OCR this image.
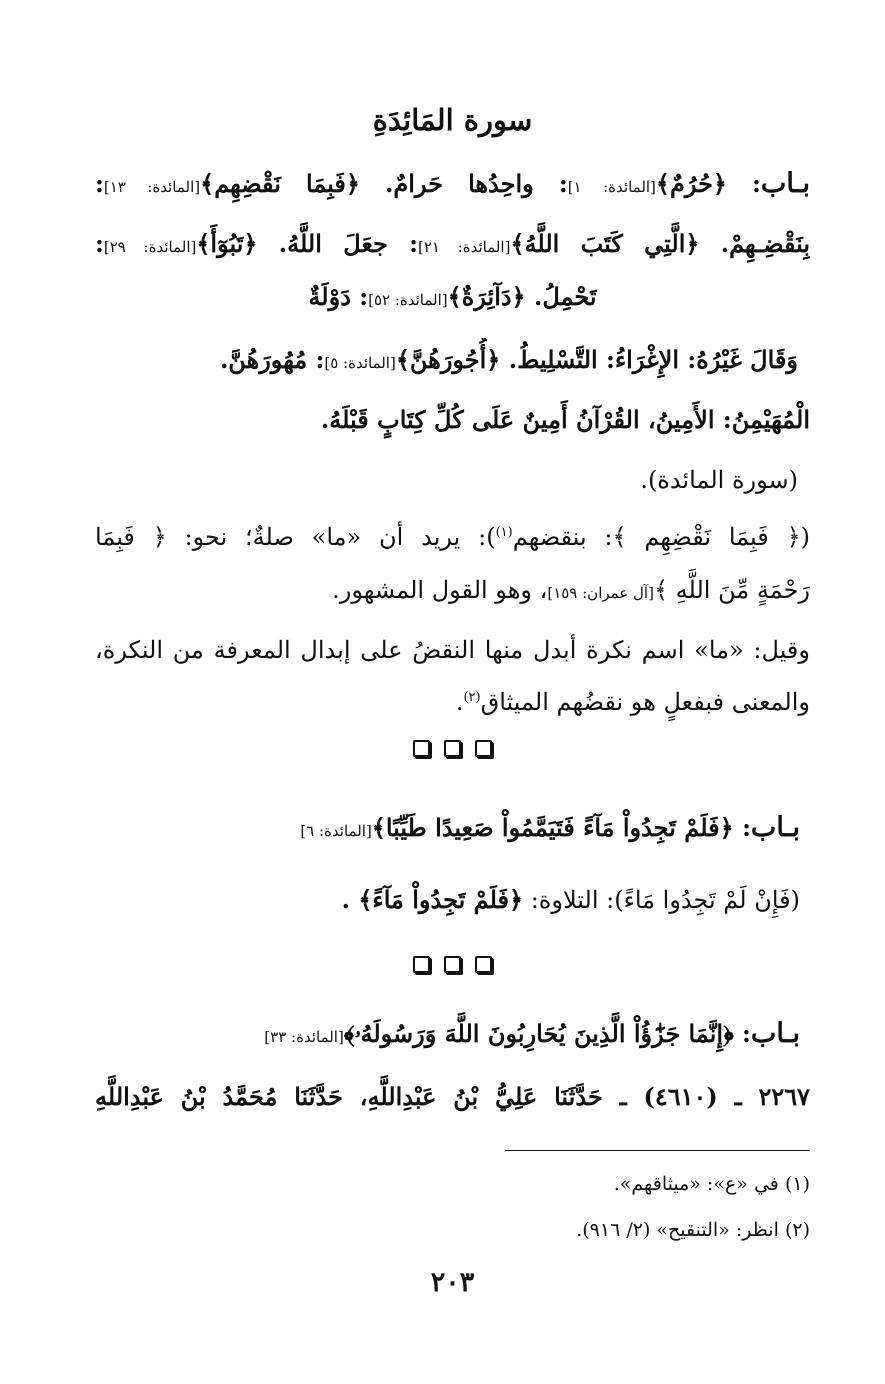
سورة المَائِدَةِ
بـاب: ﴿حُرُمٌ﴾[المائدة: ١]: واحِدُها حَرامٌ. ﴿فَبِمَا نَقْضِهِم﴾[المائدة: ١٣]:
بِنَقْضِـهِمْ. ﴿الَّتِي كَتَبَ اللَّهُ﴾[المائدة: ٢١]: جعَلَ اللَّهُ. ﴿تَبُوٓأَ﴾[المائدة: ٢٩]:
تَحْمِلُ. ﴿دَآئِرَةٌ﴾[المائدة: ٥٢]: دَوْلَةٌ
وَقَالَ غَيْرُهُ: الإِغْرَاءُ: التَّسْلِيطُ. ﴿أُجُورَهُنَّ﴾[المائدة: ٥]: مُهُورَهُنَّ.
الْمُهَيْمِنُ: الأَمِينُ، القُرْآنُ أَمِينٌ عَلَى كُلِّ كِتَابٍ قَبْلَهُ.
(سورة المائدة).
(﴿ فَبِمَا نَقْضِهِم ﴾: بنقضهم$^{(١)}$): يريد أن «ما» صلةٌ؛ نحو: ﴿ فَبِمَا
رَحْمَةٍ مِّنَ اللَّهِ ﴾[آل عمران: ١٥٩]، وهو القول المشهور.
وقيل: «ما» اسم نكرة أبدل منها النقضُ على إبدال المعرفة من النكرة،
والمعنى فبفعلٍ هو نقضُهم الميثاق$^{(٢)}$.
بـاب: ﴿فَلَمْ تَجِدُواْ مَآءً فَتَيَمَّمُواْ صَعِيدًا طَيِّبًا﴾[المائدة: ٦]
(فَإِنْ لَمْ تَجِدُوا مَاءً): التلاوة: ﴿فَلَمْ تَجِدُواْ مَآءً﴾ .
بـاب: ﴿إِنَّمَا جَزَٰٓؤُاْ الَّذِينَ يُحَارِبُونَ اللَّهَ وَرَسُولَهُۥ﴾[المائدة: ٣٣]
٢٢٦٧ ـ (٤٦١٠) ـ حَدَّثَنَا عَلِيُّ بْنُ عَبْدِاللَّهِ، حَدَّثَنَا مُحَمَّدُ بْنُ عَبْدِاللَّهِ
(١) في «ع»: «ميثاقهم».
(٢) انظر: «التنقيح» (٢/ ٩١٦).
٢٠٣
